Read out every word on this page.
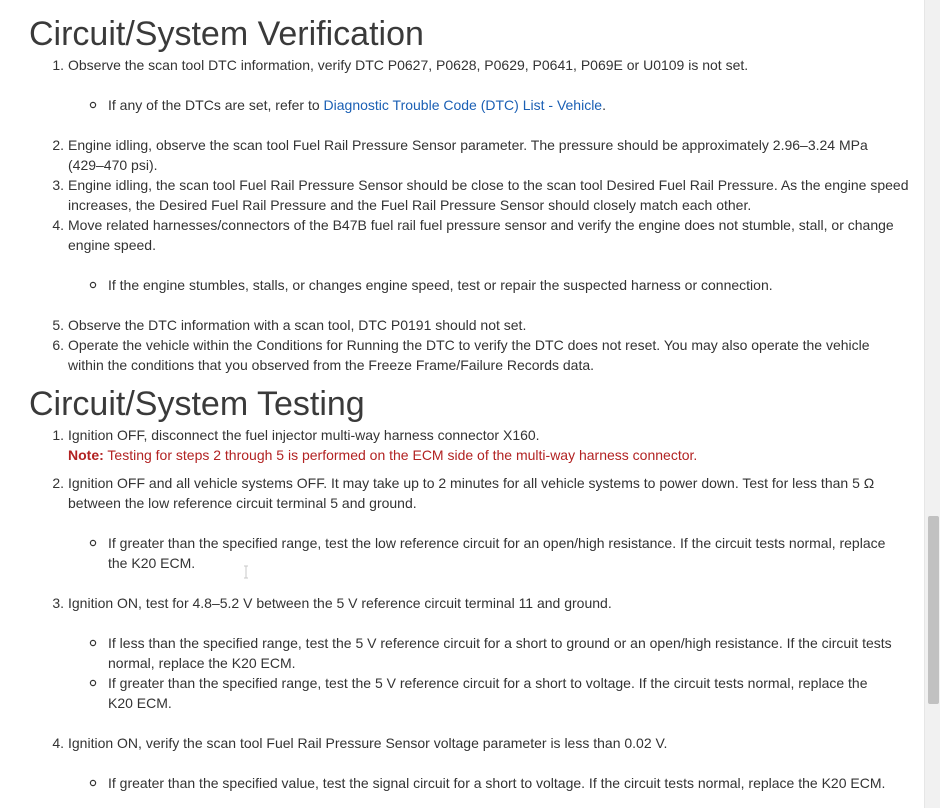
Circuit/System Verification
1. Observe the scan tool DTC information, verify DTC P0627, P0628, P0629, P0641, P069E or U0109 is not set.
If any of the DTCs are set, refer to Diagnostic Trouble Code (DTC) List - Vehicle.
2. Engine idling, observe the scan tool Fuel Rail Pressure Sensor parameter. The pressure should be approximately 2.96–3.24 MPa
(429–470 psi).
3. Engine idling, the scan tool Fuel Rail Pressure Sensor should be close to the scan tool Desired Fuel Rail Pressure. As the engine speed
increases, the Desired Fuel Rail Pressure and the Fuel Rail Pressure Sensor should closely match each other.
4. Move related harnesses/connectors of the B47B fuel rail fuel pressure sensor and verify the engine does not stumble, stall, or change
engine speed.
If the engine stumbles, stalls, or changes engine speed, test or repair the suspected harness or connection.
5. Observe the DTC information with a scan tool, DTC P0191 should not set.
6. Operate the vehicle within the Conditions for Running the DTC to verify the DTC does not reset. You may also operate the vehicle
within the conditions that you observed from the Freeze Frame/Failure Records data.
Circuit/System Testing
1. Ignition OFF, disconnect the fuel injector multi-way harness connector X160.
Note: Testing for steps 2 through 5 is performed on the ECM side of the multi-way harness connector.
2. Ignition OFF and all vehicle systems OFF. It may take up to 2 minutes for all vehicle systems to power down. Test for less than 5 Ω
between the low reference circuit terminal 5 and ground.
If greater than the specified range, test the low reference circuit for an open/high resistance. If the circuit tests normal, replace
the K20 ECM.
3. Ignition ON, test for 4.8–5.2 V between the 5 V reference circuit terminal 11 and ground.
If less than the specified range, test the 5 V reference circuit for a short to ground or an open/high resistance. If the circuit tests
normal, replace the K20 ECM.
If greater than the specified range, test the 5 V reference circuit for a short to voltage. If the circuit tests normal, replace the
K20 ECM.
4. Ignition ON, verify the scan tool Fuel Rail Pressure Sensor voltage parameter is less than 0.02 V.
If greater than the specified value, test the signal circuit for a short to voltage. If the circuit tests normal, replace the K20 ECM.
